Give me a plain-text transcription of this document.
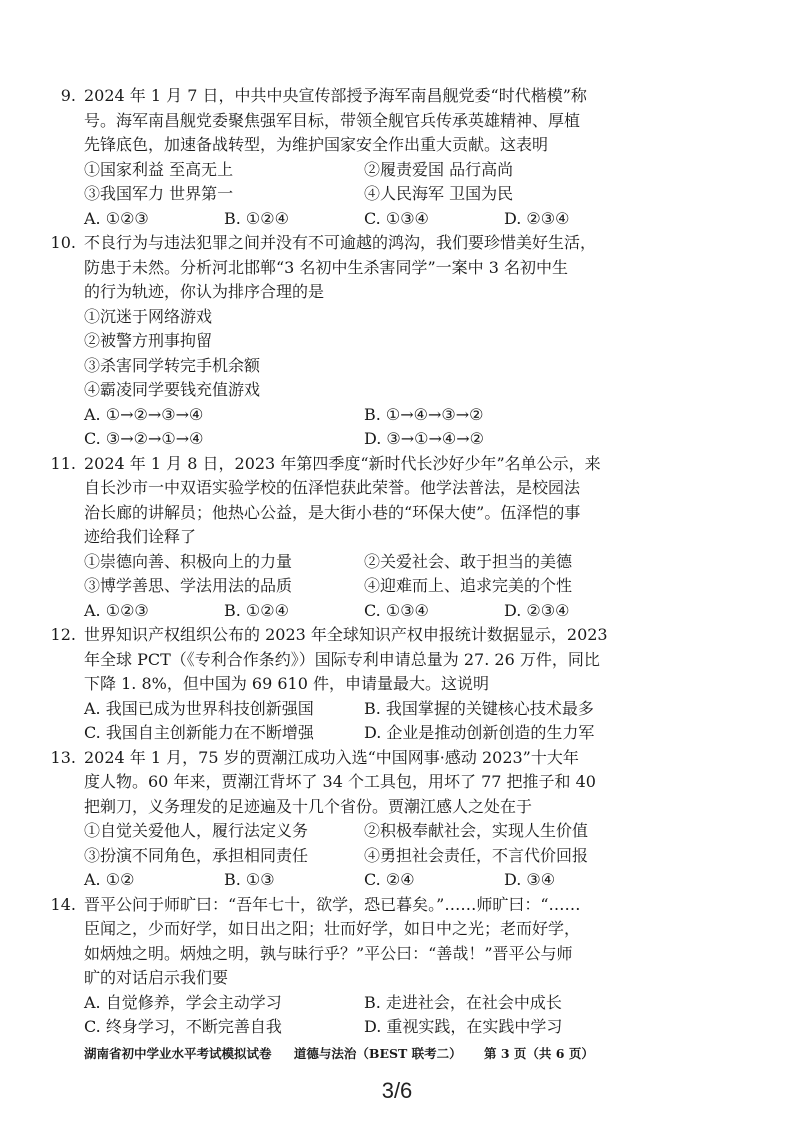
9. 2024 年 1 月 7 日，中共中央宣传部授予海军南昌舰党委“时代楷模”称
号。海军南昌舰党委聚焦强军目标，带领全舰官兵传承英雄精神、厚植
先锋底色，加速备战转型，为维护国家安全作出重大贡献。这表明
①国家利益 至高无上	②履责爱国 品行高尚
③我国军力 世界第一	④人民海军 卫国为民
A. ①②③	B. ①②④	C. ①③④	D. ②③④
10. 不良行为与违法犯罪之间并没有不可逾越的鸿沟，我们要珍惜美好生活，
防患于未然。分析河北邯郸“3 名初中生杀害同学”一案中 3 名初中生
的行为轨迹，你认为排序合理的是
①沉迷于网络游戏
②被警方刑事拘留
③杀害同学转完手机余额
④霸凌同学要钱充值游戏
A. ①→②→③→④	B. ①→④→③→②
C. ③→②→①→④	D. ③→①→④→②
11. 2024 年 1 月 8 日，2023 年第四季度“新时代长沙好少年”名单公示，来
自长沙市一中双语实验学校的伍泽恺获此荣誉。他学法普法，是校园法
治长廊的讲解员；他热心公益，是大街小巷的“环保大使”。伍泽恺的事
迹给我们诠释了
①崇德向善、积极向上的力量	②关爱社会、敢于担当的美德
③博学善思、学法用法的品质	④迎难而上、追求完美的个性
A. ①②③	B. ①②④	C. ①③④	D. ②③④
12. 世界知识产权组织公布的 2023 年全球知识产权申报统计数据显示，2023
年全球 PCT（《专利合作条约》）国际专利申请总量为 27. 26 万件，同比
下降 1. 8%，但中国为 69 610 件，申请量最大。这说明
A. 我国已成为世界科技创新强国	B. 我国掌握的关键核心技术最多
C. 我国自主创新能力在不断增强	D. 企业是推动创新创造的生力军
13. 2024 年 1 月，75 岁的贾潮江成功入选“中国网事·感动 2023”十大年
度人物。60 年来，贾潮江背坏了 34 个工具包，用坏了 77 把推子和 40
把剃刀，义务理发的足迹遍及十几个省份。贾潮江感人之处在于
①自觉关爱他人，履行法定义务	②积极奉献社会，实现人生价值
③扮演不同角色，承担相同责任	④勇担社会责任，不言代价回报
A. ①②	B. ①③	C. ②④	D. ③④
14. 晋平公问于师旷曰：“吾年七十，欲学，恐已暮矣。”……师旷曰：“……
臣闻之，少而好学，如日出之阳；壮而好学，如日中之光；老而好学，
如炳烛之明。炳烛之明，孰与昧行乎？”平公曰：“善哉！”晋平公与师
旷的对话启示我们要
A. 自觉修养，学会主动学习	B. 走进社会，在社会中成长
C. 终身学习，不断完善自我	D. 重视实践，在实践中学习
湖南省初中学业水平考试模拟试卷 道德与法治（BEST 联考二） 第 3 页（共 6 页）
3/6
